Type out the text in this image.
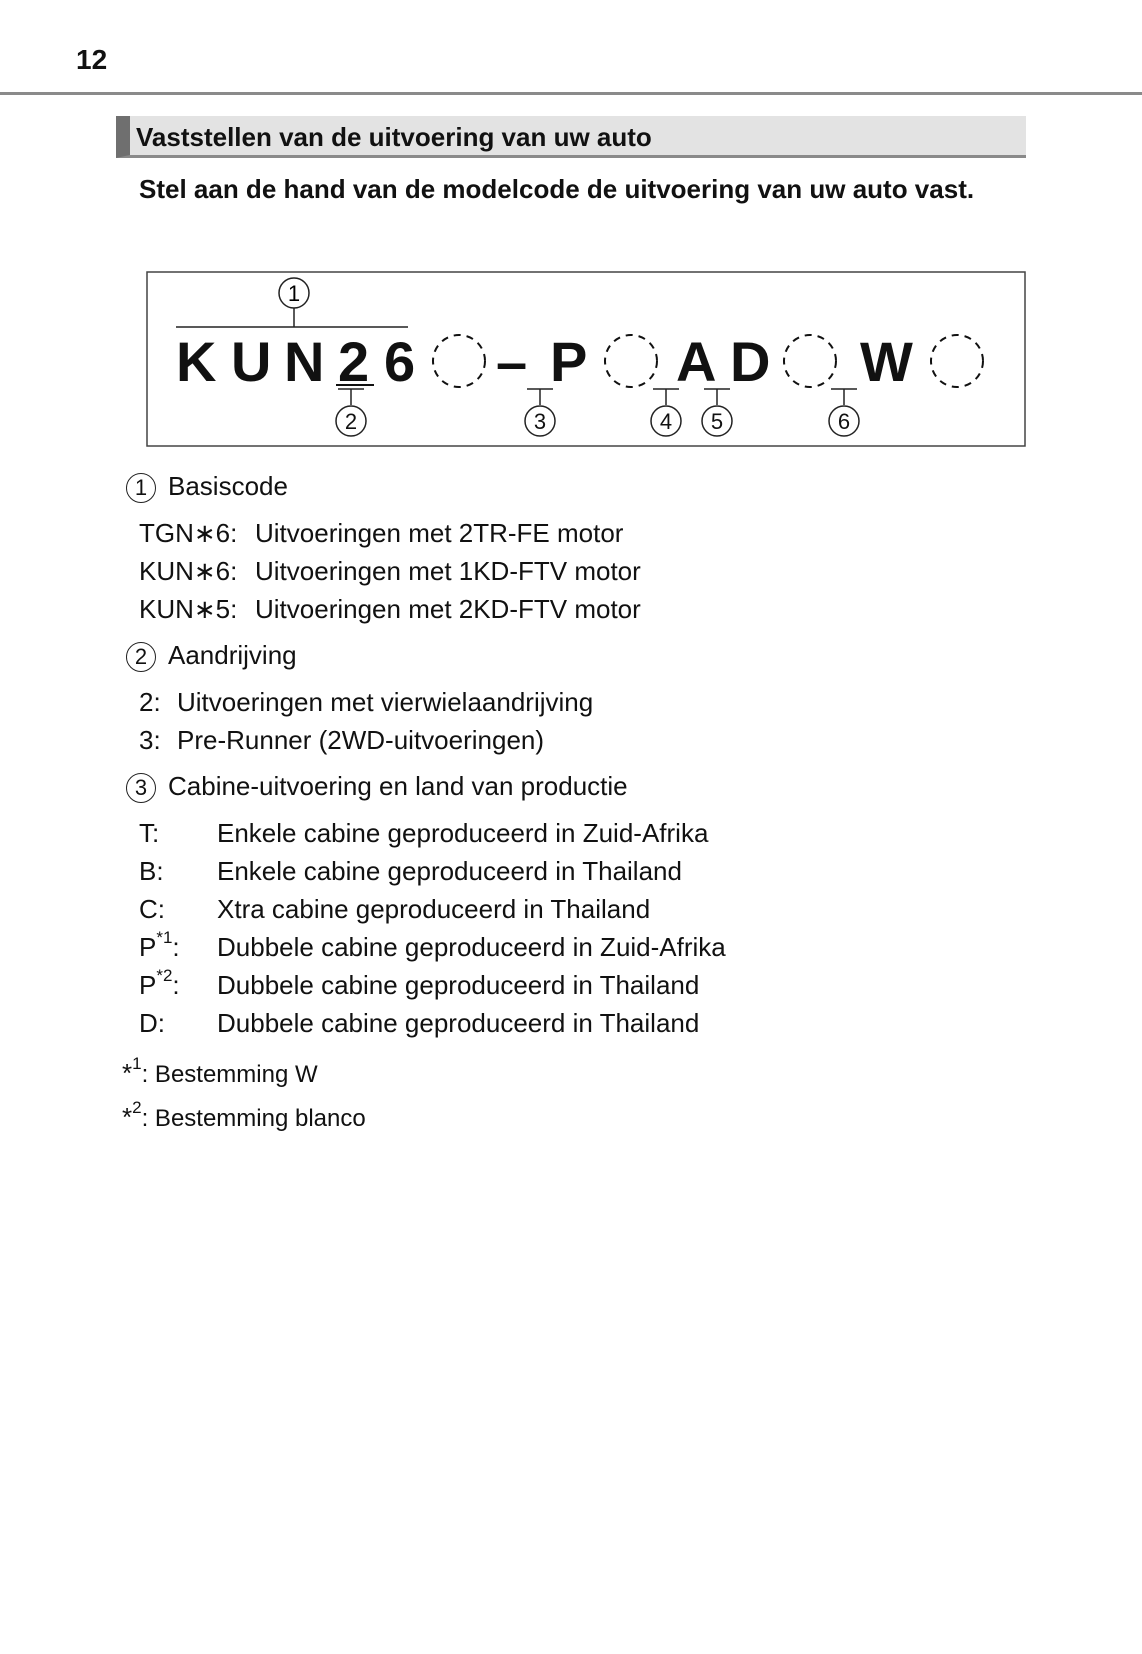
12
Vaststellen van de uitvoering van uw auto
Stel aan de hand van de modelcode de uitvoering van uw auto vast.
1
K U N 2 6 – P A D W
2	3	4 5	6
1 Basiscode
TGN∗6: Uitvoeringen met 2TR-FE motor
KUN∗6: Uitvoeringen met 1KD-FTV motor
KUN∗5: Uitvoeringen met 2KD-FTV motor
2 Aandrijving
2: Uitvoeringen met vierwielaandrijving
3: Pre-Runner (2WD-uitvoeringen)
3 Cabine-uitvoering en land van productie
T: Enkele cabine geproduceerd in Zuid-Afrika
B: Enkele cabine geproduceerd in Thailand
C: Xtra cabine geproduceerd in Thailand
$P^{*1}$: Dubbele cabine geproduceerd in Zuid-Afrika
$P^{*2}$: Dubbele cabine geproduceerd in Thailand
D: Dubbele cabine geproduceerd in Thailand
*$^1$: Bestemming W
*$^2$: Bestemming blanco
